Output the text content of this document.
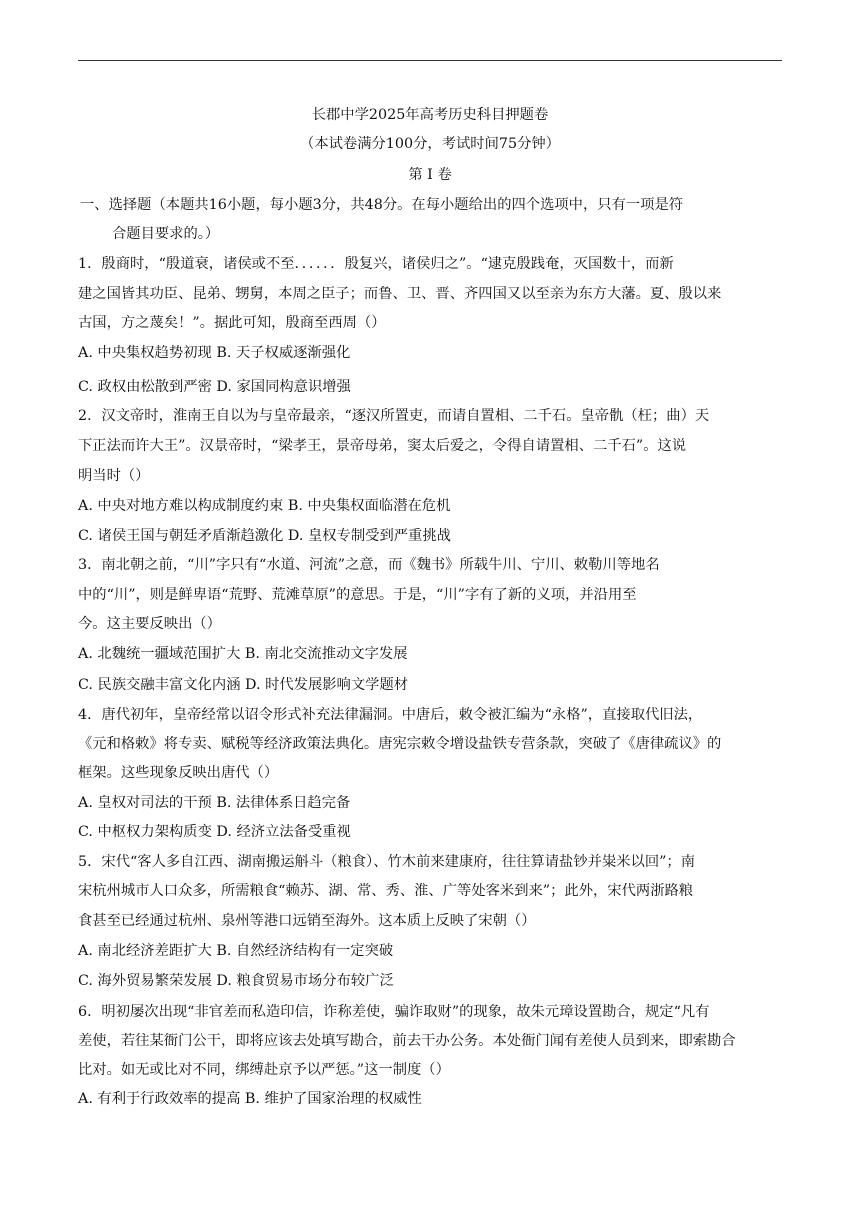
长郡中学2025年高考历史科目押题卷
（本试卷满分100分，考试时间75分钟）
第 I 卷
一、选择题（本题共16小题，每小题3分，共48分。在每小题给出的四个选项中，只有一项是符
合题目要求的。）
1．殷商时，“殷道衰，诸侯或不至．．．．．．殷复兴，诸侯归之”。“逮克殷践奄，灭国数十，而新
建之国皆其功臣、昆弟、甥舅，本周之臣子；而鲁、卫、晋、齐四国又以至亲为东方大藩。夏、殷以来
古国，方之蔑矣！”。据此可知，殷商至西周（）
A. 中央集权趋势初现 B. 天子权威逐渐强化
C. 政权由松散到严密 D. 家国同构意识增强
2．汉文帝时，淮南王自以为与皇帝最亲，“逐汉所置吏，而请自置相、二千石。皇帝骩（枉；曲）天
下正法而许大王”。汉景帝时，“梁孝王，景帝母弟，窦太后爱之，令得自请置相、二千石”。这说
明当时（）
A. 中央对地方难以构成制度约束 B. 中央集权面临潜在危机
C. 诸侯王国与朝廷矛盾渐趋激化 D. 皇权专制受到严重挑战
3．南北朝之前，“川”字只有“水道、河流”之意，而《魏书》所载牛川、宁川、敕勒川等地名
中的“川”，则是鲜卑语“荒野、荒滩草原”的意思。于是，“川”字有了新的义项，并沿用至
今。这主要反映出（）
A. 北魏统一疆域范围扩大 B. 南北交流推动文字发展
C. 民族交融丰富文化内涵 D. 时代发展影响文学题材
4．唐代初年，皇帝经常以诏令形式补充法律漏洞。中唐后，敕令被汇编为“永格”，直接取代旧法，
《元和格敕》将专卖、赋税等经济政策法典化。唐宪宗敕令增设盐铁专营条款，突破了《唐律疏议》的
框架。这些现象反映出唐代（）
A. 皇权对司法的干预 B. 法律体系日趋完备
C. 中枢权力架构质变 D. 经济立法备受重视
5．宋代“客人多自江西、湖南搬运斛斗（粮食）、竹木前来建康府，往往算请盐钞并粜米以回”；南
宋杭州城市人口众多，所需粮食“赖苏、湖、常、秀、淮、广等处客米到来”；此外，宋代两浙路粮
食甚至已经通过杭州、泉州等港口远销至海外。这本质上反映了宋朝（）
A. 南北经济差距扩大 B. 自然经济结构有一定突破
C. 海外贸易繁荣发展 D. 粮食贸易市场分布较广泛
6．明初屡次出现“非官差而私造印信，诈称差使，骗诈取财”的现象，故朱元璋设置勘合，规定“凡有
差使，若往某衙门公干，即将应该去处填写勘合，前去干办公务。本处衙门闻有差使人员到来，即索勘合
比对。如无或比对不同，绑缚赴京予以严惩。”这一制度（）
A. 有利于行政效率的提高 B. 维护了国家治理的权威性
